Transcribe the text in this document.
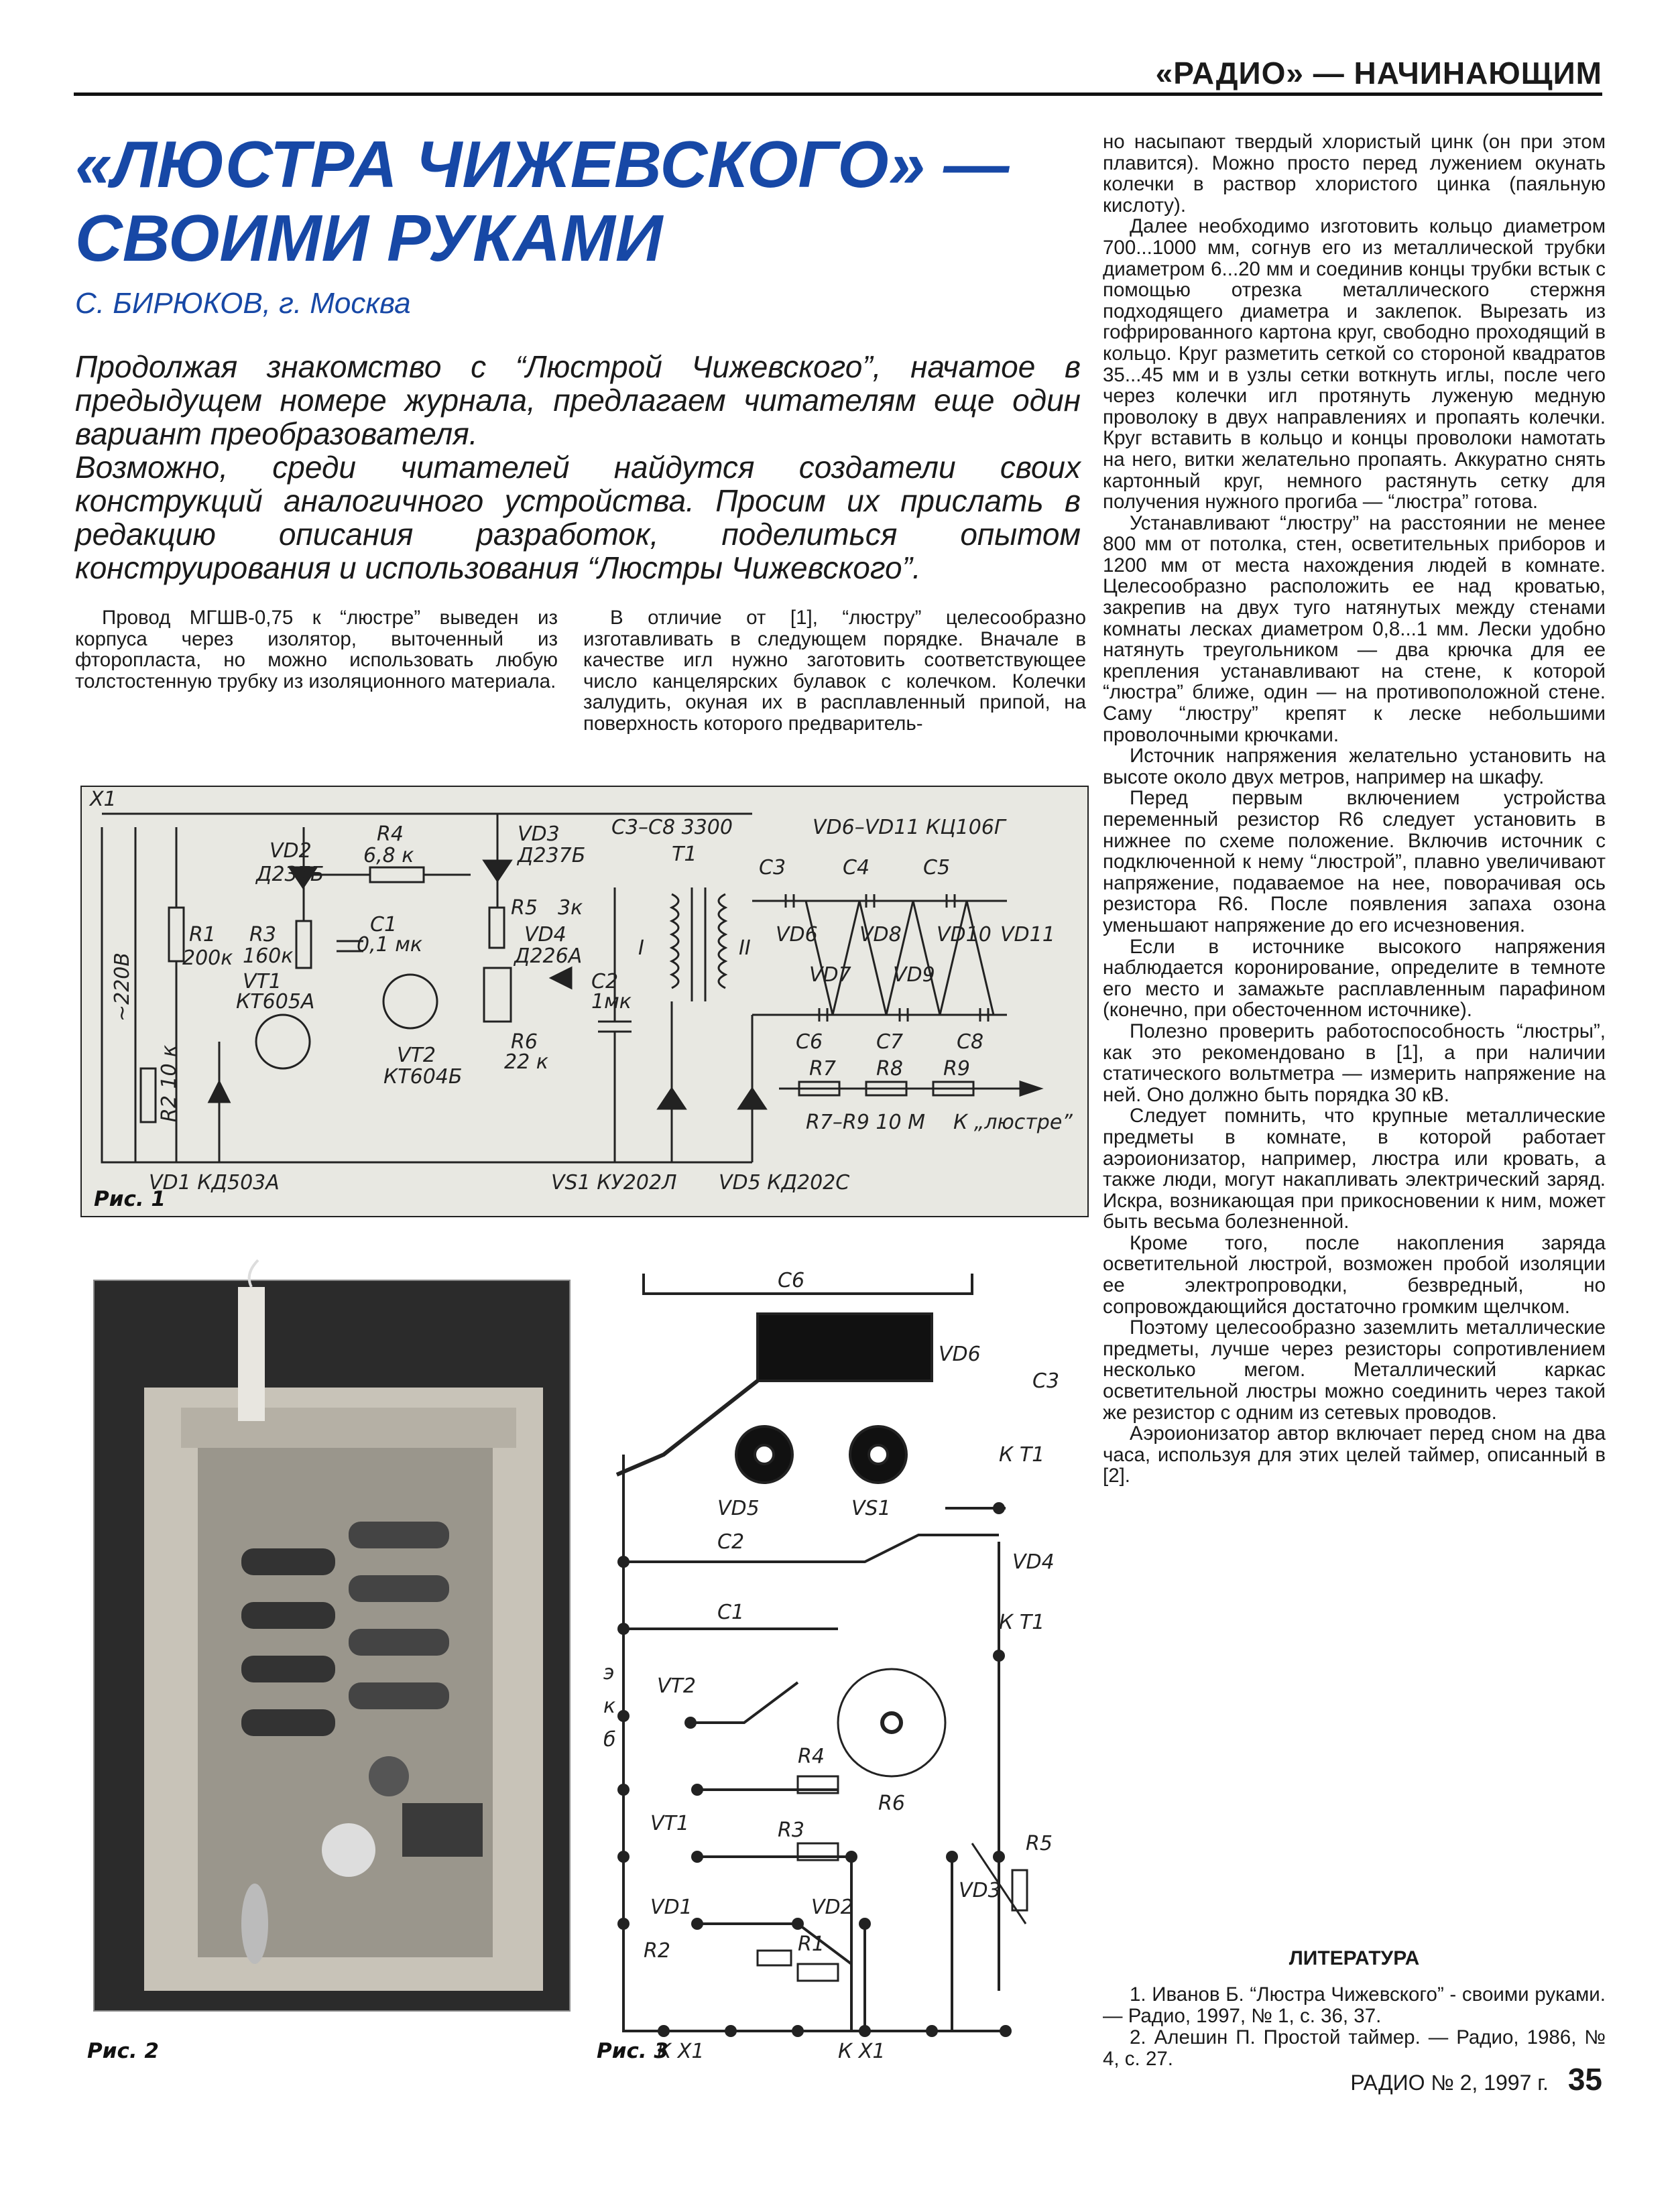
«РАДИО» — НАЧИНАЮЩИМ
«ЛЮСТРА ЧИЖЕВСКОГО» —
СВОИМИ РУКАМИ
С. БИРЮКОВ, г. Москва

Продолжая знакомство с “Люстрой Чижевского”, начатое в предыдущем номере журнала, предлагаем читателям еще один вариант преобразователя.

Возможно, среди читателей найдутся создатели своих конструкций аналогичного устройства. Просим их прислать в редакцию описания разработок, поделиться опытом конструирования и использования “Люстры Чижевского”.

Провод МГШВ-0,75 к “люстре” выведен из корпуса через изолятор, выточенный из фторопласта, но можно использовать любую толстостенную трубку из изоляционного материала.

В отличие от [1], “люстру” целесообразно изготавливать в следующем порядке. Вначале в качестве игл нужно заготовить соответствующее число канцелярских булавок с колечком. Колечки залудить, окуная их в расплавленный припой, на поверхность которого предваритель-

но насыпают твердый хлористый цинк (он при этом плавится). Можно просто перед лужением окунать колечки в раствор хлористого цинка (паяльную кислоту).

Далее необходимо изготовить кольцо диаметром 700...1000 мм, согнув его из металлической трубки диаметром 6...20 мм и соединив концы трубки встык с помощью отрезка металлического стержня подходящего диаметра и заклепок. Вырезать из гофрированного картона круг, свободно проходящий в кольцо. Круг разметить сеткой со стороной квадратов 35...45 мм и в узлы сетки воткнуть иглы, после чего через колечки игл протянуть луженую медную проволоку в двух направлениях и пропаять колечки. Круг вставить в кольцо и концы проволоки намотать на него, витки желательно пропаять. Аккуратно снять картонный круг, немного растянуть сетку для получения нужного прогиба — “люстра” готова.

Устанавливают “люстру” на расстоянии не менее 800 мм от потолка, стен, осветительных приборов и 1200 мм от места нахождения людей в комнате. Целесообразно расположить ее над кроватью, закрепив на двух туго натянутых между стенами комнаты лесках диаметром 0,8...1 мм. Лески удобно натянуть треугольником — два крючка для ее крепления устанавливают на стене, к которой “люстра” ближе, один — на противоположной стене. Саму “люстру” крепят к леске небольшими проволочными крючками.

Источник напряжения желательно установить на высоте около двух метров, например на шкафу.

Перед первым включением устройства переменный резистор R6 следует установить в нижнее по схеме положение. Включив источник с подключенной к нему “люстрой”, плавно увеличивают напряжение, подаваемое на нее, поворачивая ось резистора R6. После появления запаха озона уменьшают напряжение до его исчезновения.

Если в источнике высокого напряжения наблюдается коронирование, определите в темноте его место и замажьте расплавленным парафином (конечно, при обесточенном источнике).

Полезно проверить работоспособность “люстры”, как это рекомендовано в [1], а при наличии статического вольтметра — измерить напряжение на ней. Оно должно быть порядка 30 кВ.

Следует помнить, что крупные металлические предметы в комнате, в которой работает аэроионизатор, например, люстра или кровать, а также люди, могут накапливать электрический заряд. Искра, возникающая при прикосновении к ним, может быть весьма болезненной.

Кроме того, после накопления заряда осветительной люстрой, возможен пробой изоляции ее электропроводки, безвредный, но сопровождающийся достаточно громким щелчком.

Поэтому целесообразно заземлить металлические предметы, лучше через резисторы сопротивлением несколько мегом. Металлический каркас осветительной люстры можно соединить через такой же резистор с одним из сетевых проводов.

Аэроионизатор автор включает перед сном на два часа, используя для этих целей таймер, описанный в [2].

X1
VD2
Д237Б
R4
6,8 к
VD3
Д237Б
C3–C8 3300	VD6–VD11 КЦ106Г
T1
C3	C4	C5
R1
200к
R3
160к
C1
0,1 мк
R5 3к
VD4
Д226А
VT1
КТ605А
VT2
КТ604Б
C2
1мк
R6
22 к
~220В
R2 10 к
I	II
VD6
VD7
VD8
VD9
VD10 VD11
C6	C7	C8
R7 R8 R9
R7–R9 10 М К „люстре”
VD1 КД503А	VS1 КУ202Л VD5 КД202С
Рис. 1
Рис. 2
C6
VD6
C3
К Т1
VD5	VS1
C2
VD4
К Т1
C1
VT2
R4
R6
VT1	R3
R5
VD1	VD2
VD3
R2	R1
К Х1	К Х1
э
к
б
Рис. 3
ЛИТЕРАТУРА

1. Иванов Б. “Люстра Чижевского” - своими руками. — Радио, 1997, № 1, с. 36, 37.

2. Алешин П. Простой таймер. — Радио, 1986, № 4, с. 27.

РАДИО № 2, 1997 г. 35
